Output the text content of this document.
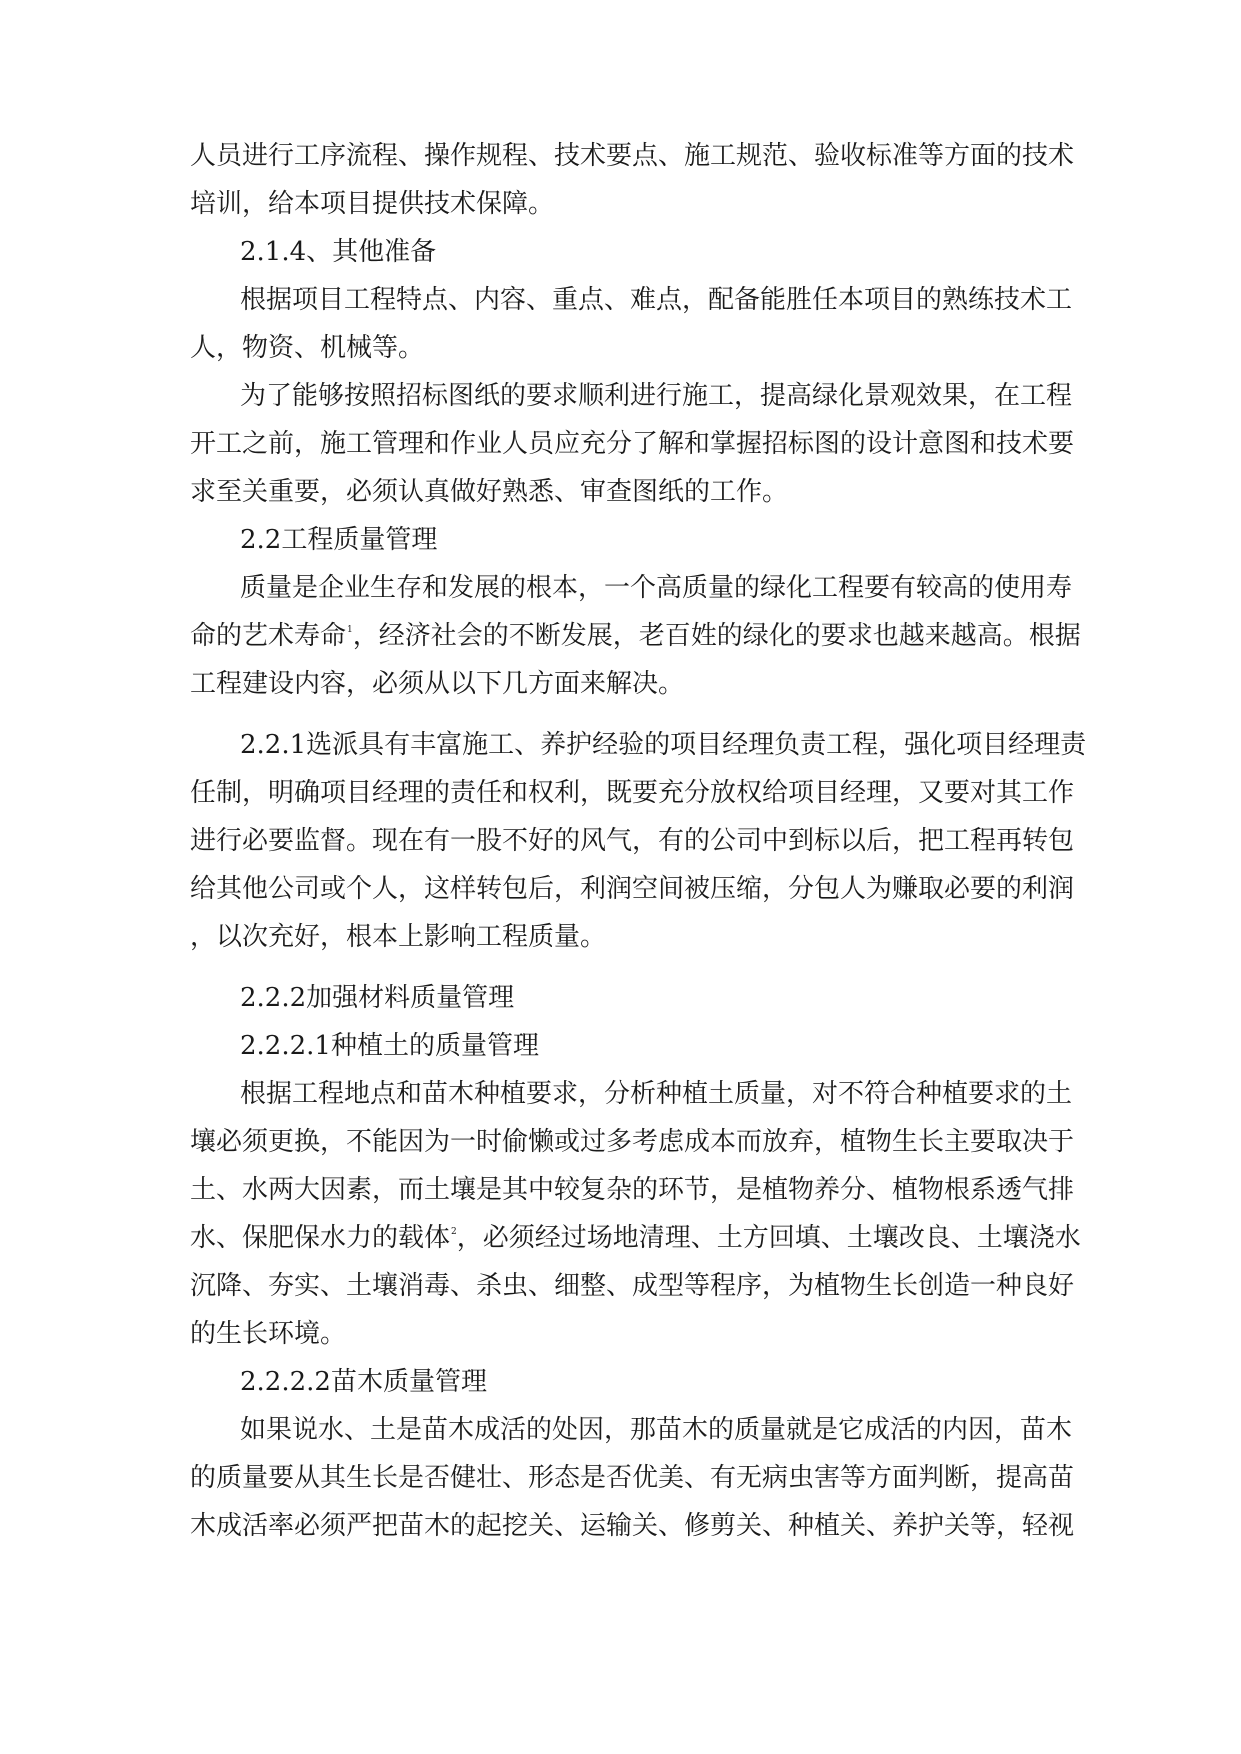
人员进行工序流程、操作规程、技术要点、施工规范、验收标准等方面的技术

培训，给本项目提供技术保障。

2.1.4、其他准备

根据项目工程特点、内容、重点、难点，配备能胜任本项目的熟练技术工

人，物资、机械等。

为了能够按照招标图纸的要求顺利进行施工，提高绿化景观效果，在工程

开工之前，施工管理和作业人员应充分了解和掌握招标图的设计意图和技术要

求至关重要，必须认真做好熟悉、审查图纸的工作。

2.2工程质量管理

质量是企业生存和发展的根本，一个高质量的绿化工程要有较高的使用寿

命的艺术寿命$^1$，经济社会的不断发展，老百姓的绿化的要求也越来越高。根据

工程建设内容，必须从以下几方面来解决。

2.2.1选派具有丰富施工、养护经验的项目经理负责工程，强化项目经理责

任制，明确项目经理的责任和权利，既要充分放权给项目经理，又要对其工作

进行必要监督。现在有一股不好的风气，有的公司中到标以后，把工程再转包

给其他公司或个人，这样转包后，利润空间被压缩，分包人为赚取必要的利润

，以次充好，根本上影响工程质量。

2.2.2加强材料质量管理

2.2.2.1种植土的质量管理

根据工程地点和苗木种植要求，分析种植土质量，对不符合种植要求的土

壤必须更换，不能因为一时偷懒或过多考虑成本而放弃，植物生长主要取决于

土、水两大因素，而土壤是其中较复杂的环节，是植物养分、植物根系透气排

水、保肥保水力的载体$^2$，必须经过场地清理、土方回填、土壤改良、土壤浇水

沉降、夯实、土壤消毒、杀虫、细整、成型等程序，为植物生长创造一种良好

的生长环境。

2.2.2.2苗木质量管理

如果说水、土是苗木成活的处因，那苗木的质量就是它成活的内因，苗木

的质量要从其生长是否健壮、形态是否优美、有无病虫害等方面判断，提高苗

木成活率必须严把苗木的起挖关、运输关、修剪关、种植关、养护关等，轻视
